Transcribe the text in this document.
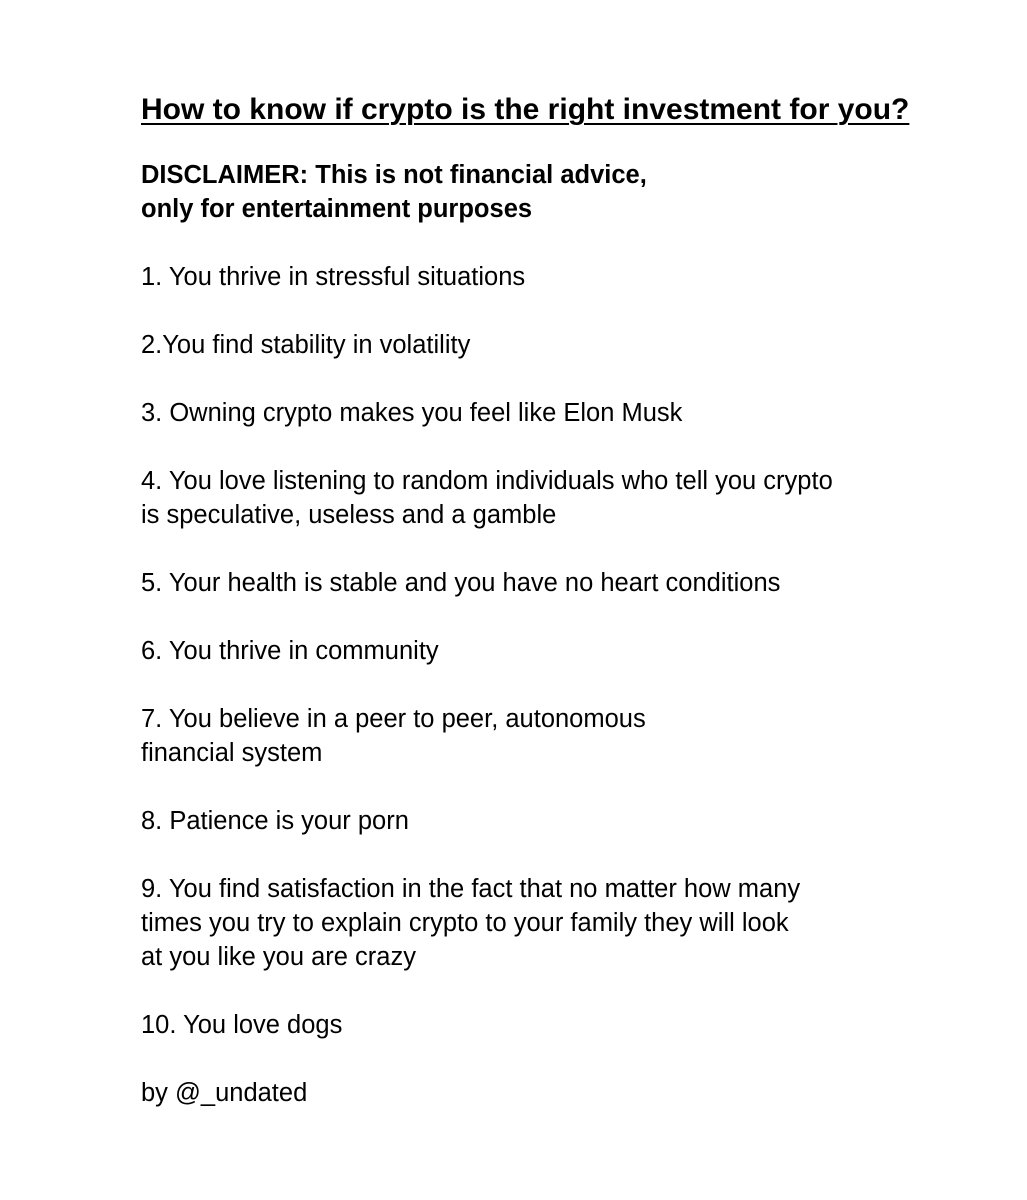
How to know if crypto is the right investment for you?
DISCLAIMER: This is not financial advice,
only for entertainment purposes
1. You thrive in stressful situations
2.You find stability in volatility
3. Owning crypto makes you feel like Elon Musk
4. You love listening to random individuals who tell you crypto
is speculative, useless and a gamble
5. Your health is stable and you have no heart conditions
6. You thrive in community
7. You believe in a peer to peer, autonomous
financial system
8. Patience is your porn
9. You find satisfaction in the fact that no matter how many
times you try to explain crypto to your family they will look
at you like you are crazy
10. You love dogs
by @_undated
